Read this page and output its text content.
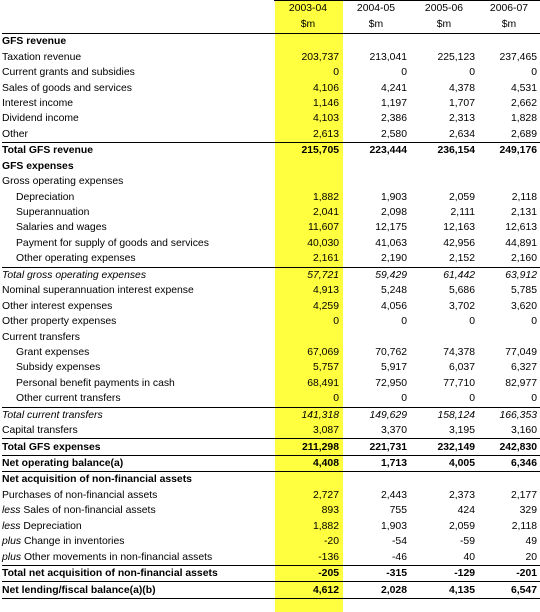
	2003-04	2004-05	2005-06	2006-07
	$m	$m	$m	$m
GFS revenue				
Taxation revenue	203,737	213,041	225,123	237,465
Current grants and subsidies	0	0	0	0
Sales of goods and services	4,106	4,241	4,378	4,531
Interest income	1,146	1,197	1,707	2,662
Dividend income	4,103	2,386	2,313	1,828
Other	2,613	2,580	2,634	2,689
Total GFS revenue	215,705	223,444	236,154	249,176
GFS expenses				
Gross operating expenses				
Depreciation	1,882	1,903	2,059	2,118
Superannuation	2,041	2,098	2,111	2,131
Salaries and wages	11,607	12,175	12,163	12,613
Payment for supply of goods and services	40,030	41,063	42,956	44,891
Other operating expenses	2,161	2,190	2,152	2,160
Total gross operating expenses	57,721	59,429	61,442	63,912
Nominal superannuation interest expense	4,913	5,248	5,686	5,785
Other interest expenses	4,259	4,056	3,702	3,620
Other property expenses	0	0	0	0
Current transfers				
Grant expenses	67,069	70,762	74,378	77,049
Subsidy expenses	5,757	5,917	6,037	6,327
Personal benefit payments in cash	68,491	72,950	77,710	82,977
Other current transfers	0	0	0	0
Total current transfers	141,318	149,629	158,124	166,353
Capital transfers	3,087	3,370	3,195	3,160
Total GFS expenses	211,298	221,731	232,149	242,830
Net operating balance(a)	4,408	1,713	4,005	6,346
Net acquisition of non-financial assets				
Purchases of non-financial assets	2,727	2,443	2,373	2,177
less Sales of non-financial assets	893	755	424	329
less Depreciation	1,882	1,903	2,059	2,118
plus Change in inventories	-20	-54	-59	49
plus Other movements in non-financial assets	-136	-46	40	20
Total net acquisition of non-financial assets	-205	-315	-129	-201
Net lending/fiscal balance(a)(b)	4,612	2,028	4,135	6,547
